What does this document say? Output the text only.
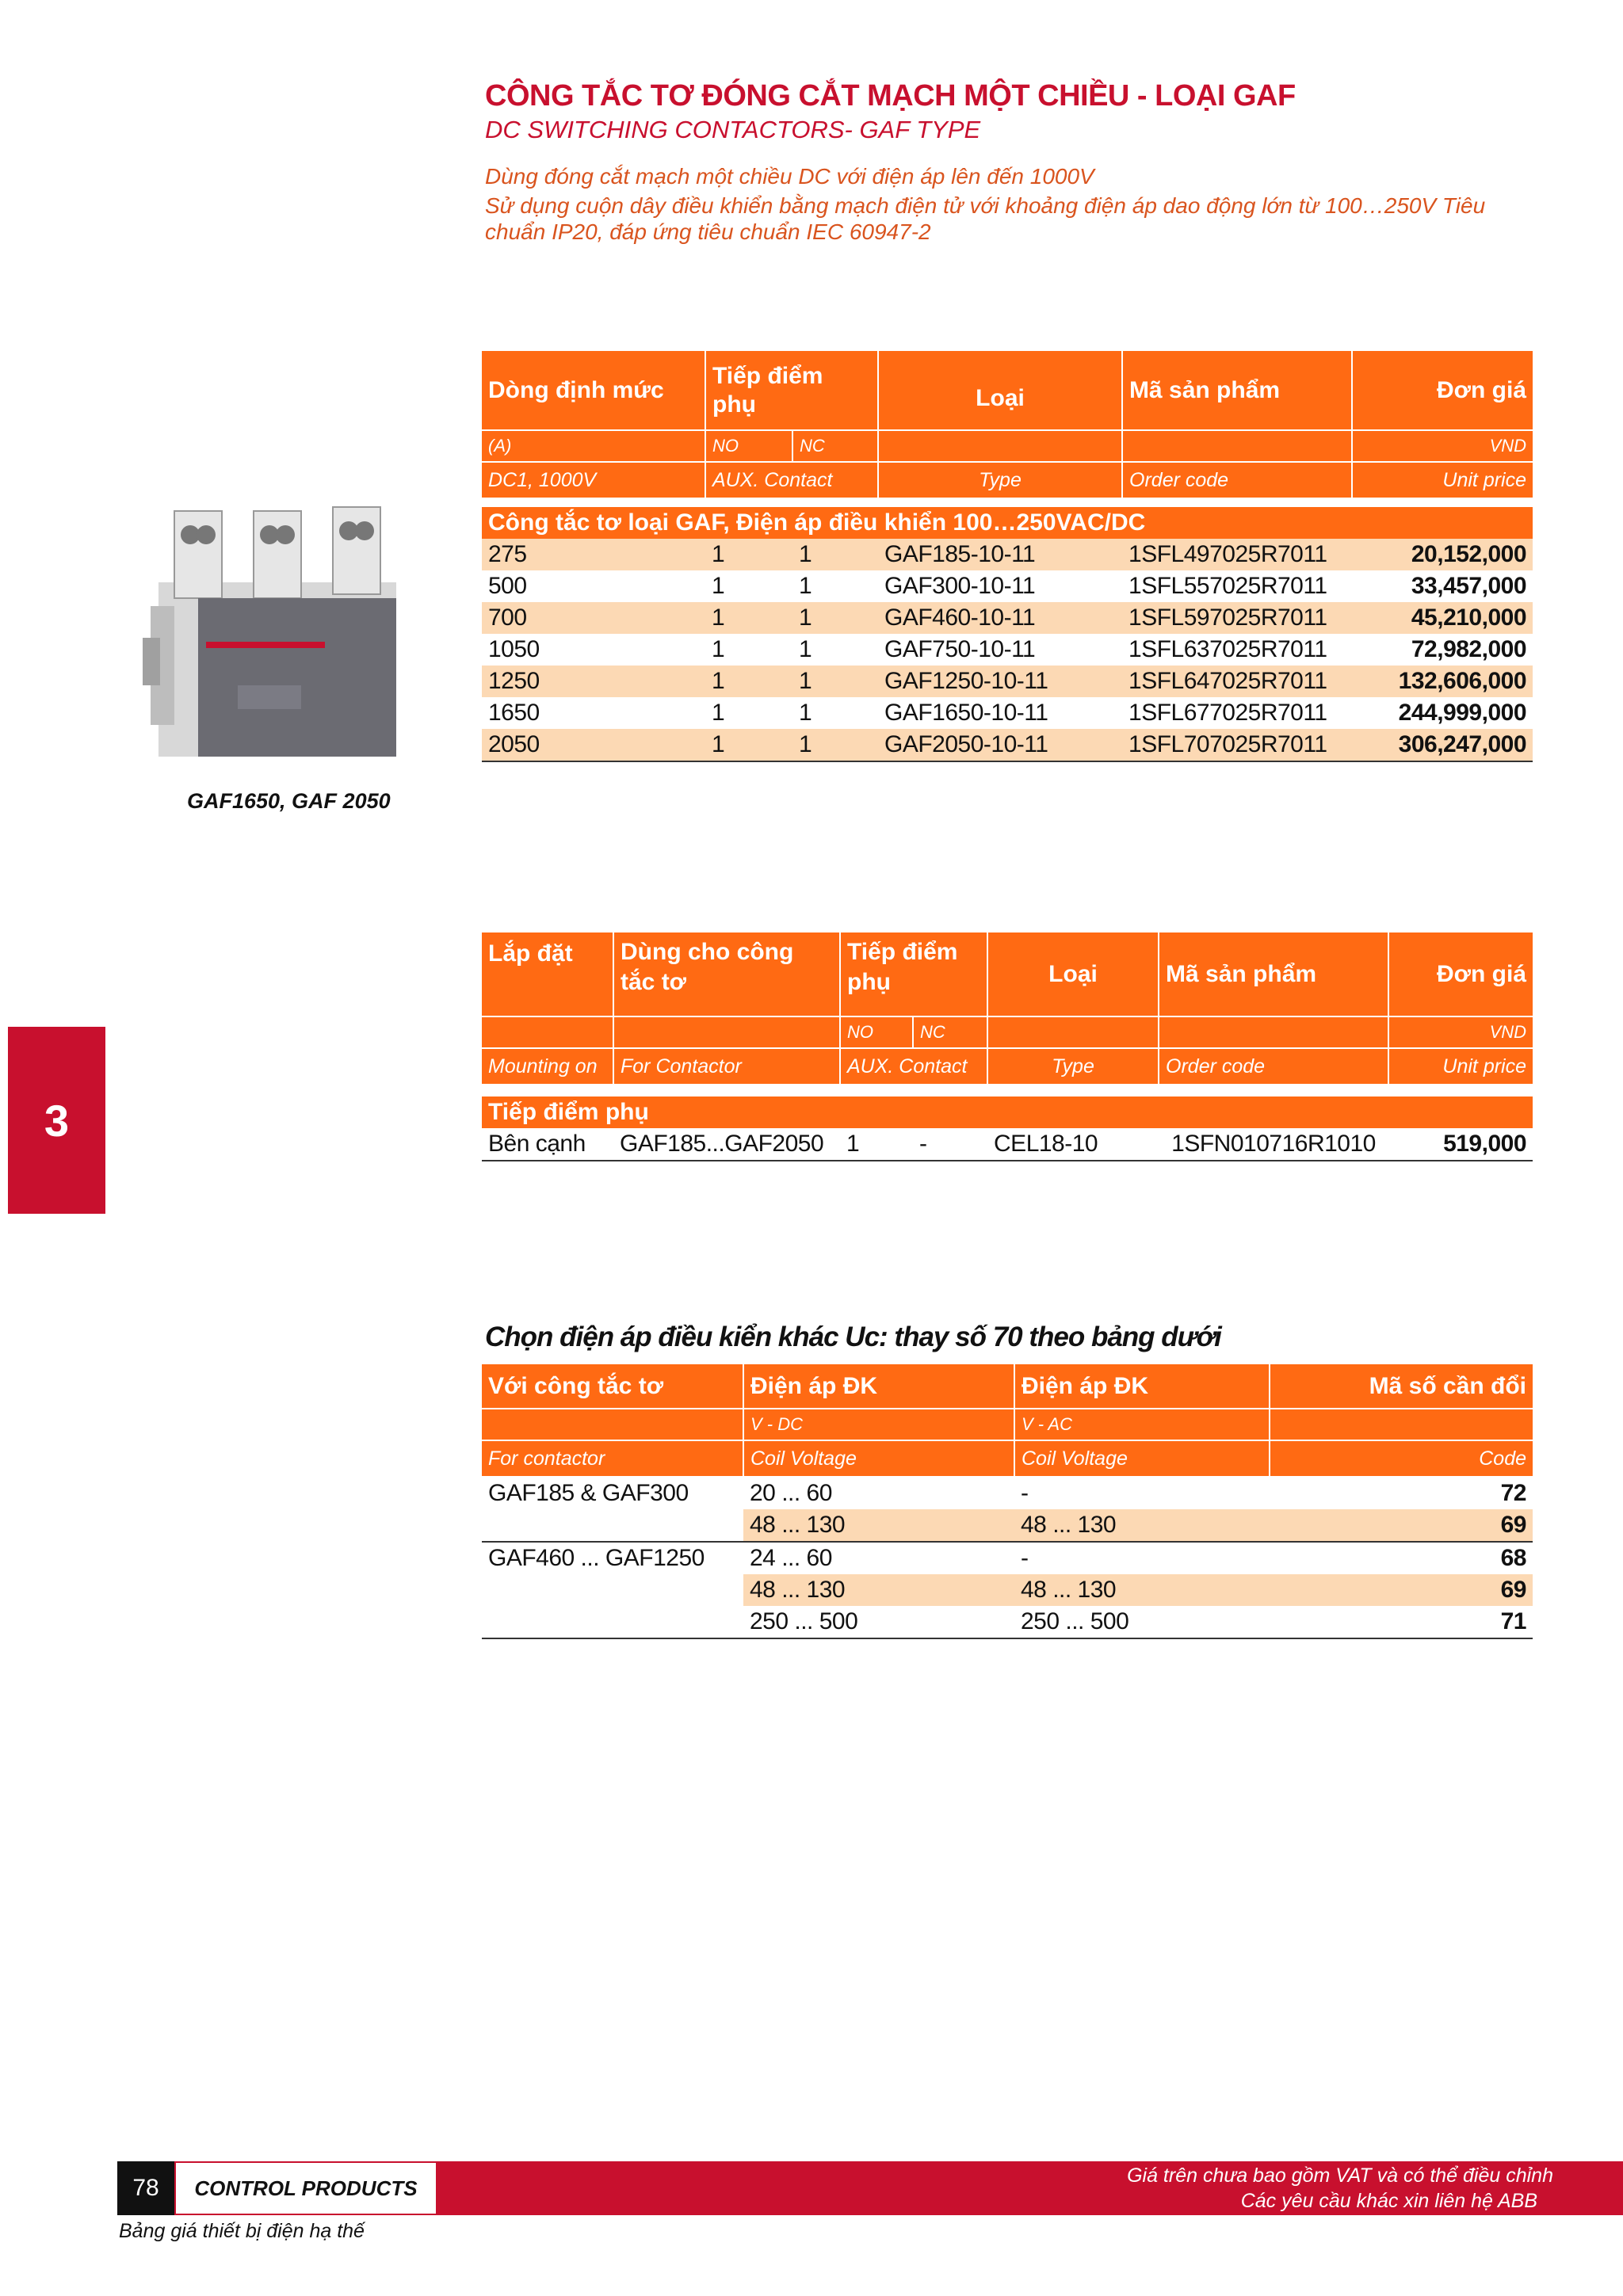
CÔNG TẮC TƠ ĐÓNG CẮT MẠCH MỘT CHIỀU - LOẠI GAF
DC SWITCHING CONTACTORS- GAF TYPE
Dùng đóng cắt mạch một chiều DC với điện áp lên đến 1000V
Sử dụng cuộn dây điều khiển bằng mạch điện tử với khoảng điện áp dao động lớn từ 100…250V Tiêu chuẩn IP20, đáp ứng tiêu chuẩn IEC 60947-2
GAF1650, GAF 2050
Dòng định mức	Tiếp điểm phụ		Loại	Mã sản phẩm	Đơn giá
(A)	NO	NC			VND
DC1, 1000V	AUX. Contact		Type	Order code	Unit price

Công tắc tơ loại GAF, Điện áp điều khiển 100…250VAC/DC					
275	1	1	GAF185-10-11	1SFL497025R7011	20,152,000
500	1	1	GAF300-10-11	1SFL557025R7011	33,457,000
700	1	1	GAF460-10-11	1SFL597025R7011	45,210,000
1050	1	1	GAF750-10-11	1SFL637025R7011	72,982,000
1250	1	1	GAF1250-10-11	1SFL647025R7011	132,606,000
1650	1	1	GAF1650-10-11	1SFL677025R7011	244,999,000
2050	1	1	GAF2050-10-11	1SFL707025R7011	306,247,000
Lắp đặt	Dùng cho công tắc tơ	Tiếp điểm phụ		Loại	Mã sản phẩm	Đơn giá

		NO	NC			VND
Mounting on	For Contactor	AUX. Contact		Type	Order code	Unit price

Tiếp điểm phụ						
Bên cạnh	GAF185...GAF2050	1	-	CEL18-10	1SFN010716R1010	519,000
3
Chọn điện áp điều kiển khác Uc: thay số 70 theo bảng dưới
Với công tắc tơ	Điện áp ĐK	Điện áp ĐK	Mã số cần đổi
	V - DC	V - AC	
For contactor	Coil Voltage	Coil Voltage	Code
GAF185 & GAF300	20 ... 60	-	72
	48 ... 130	48 ... 130	69
GAF460 ... GAF1250	24 ... 60	-	68
	48 ... 130	48 ... 130	69
	250 ... 500	250 ... 500	71
78	CONTROL PRODUCTS
Giá trên chưa bao gồm VAT và có thể điều chỉnh
Các yêu cầu khác xin liên hệ ABB
Bảng giá thiết bị điện hạ thế
